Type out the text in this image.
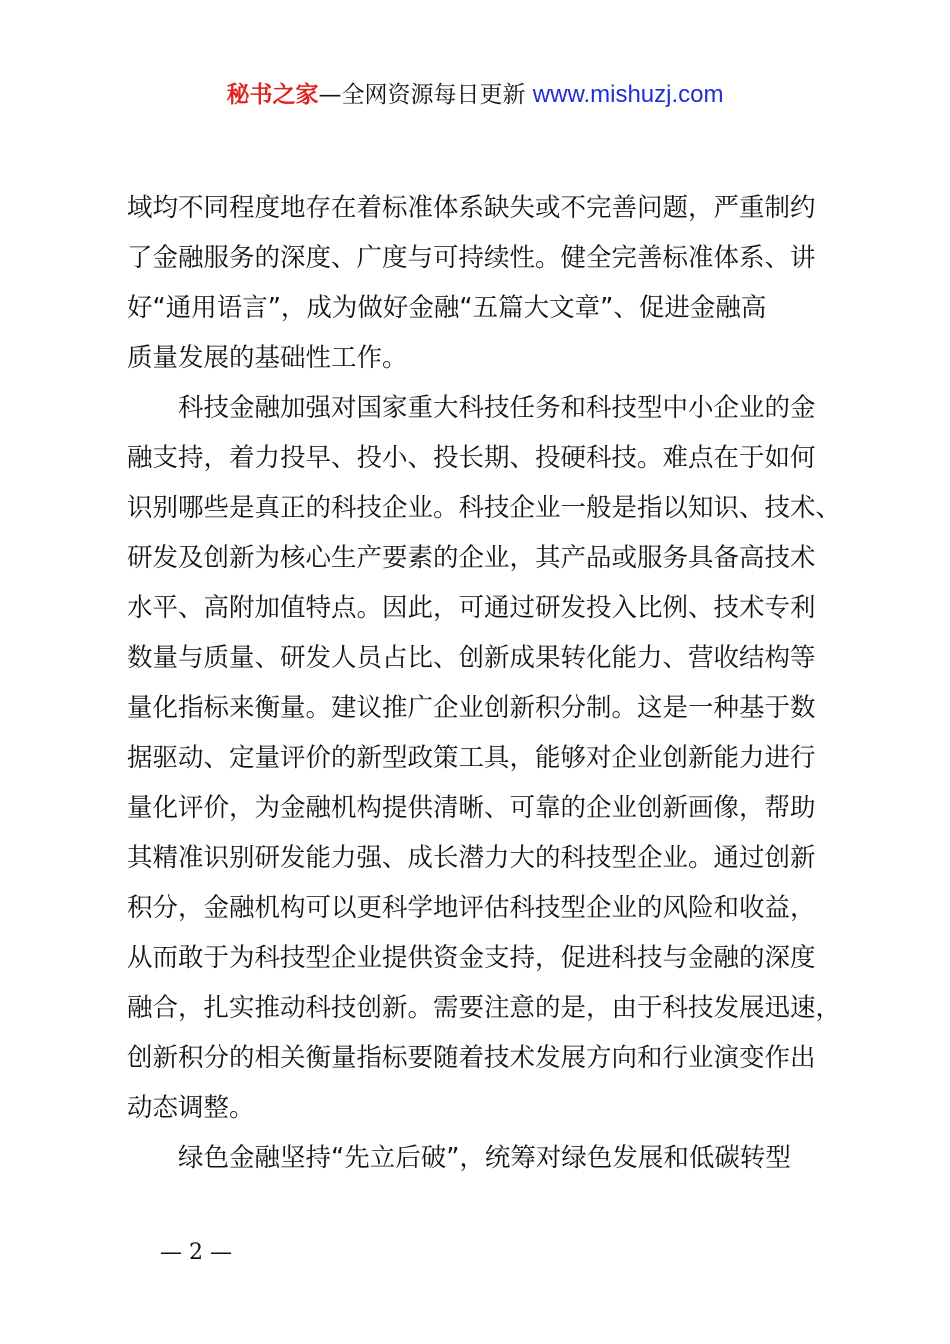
秘书之家—全网资源每日更新 www.mishuzj.com
域均不同程度地存在着标准体系缺失或不完善问题，严重制约
了金融服务的深度、广度与可持续性。健全完善标准体系、讲
好“通用语言”，成为做好金融“五篇大文章”、促进金融高
质量发展的基础性工作。
科技金融加强对国家重大科技任务和科技型中小企业的金
融支持，着力投早、投小、投长期、投硬科技。难点在于如何
识别哪些是真正的科技企业。科技企业一般是指以知识、技术、
研发及创新为核心生产要素的企业，其产品或服务具备高技术
水平、高附加值特点。因此，可通过研发投入比例、技术专利
数量与质量、研发人员占比、创新成果转化能力、营收结构等
量化指标来衡量。建议推广企业创新积分制。这是一种基于数
据驱动、定量评价的新型政策工具，能够对企业创新能力进行
量化评价，为金融机构提供清晰、可靠的企业创新画像，帮助
其精准识别研发能力强、成长潜力大的科技型企业。通过创新
积分，金融机构可以更科学地评估科技型企业的风险和收益，
从而敢于为科技型企业提供资金支持，促进科技与金融的深度
融合，扎实推动科技创新。需要注意的是，由于科技发展迅速，
创新积分的相关衡量指标要随着技术发展方向和行业演变作出
动态调整。
绿色金融坚持“先立后破”，统筹对绿色发展和低碳转型
— 2 —
